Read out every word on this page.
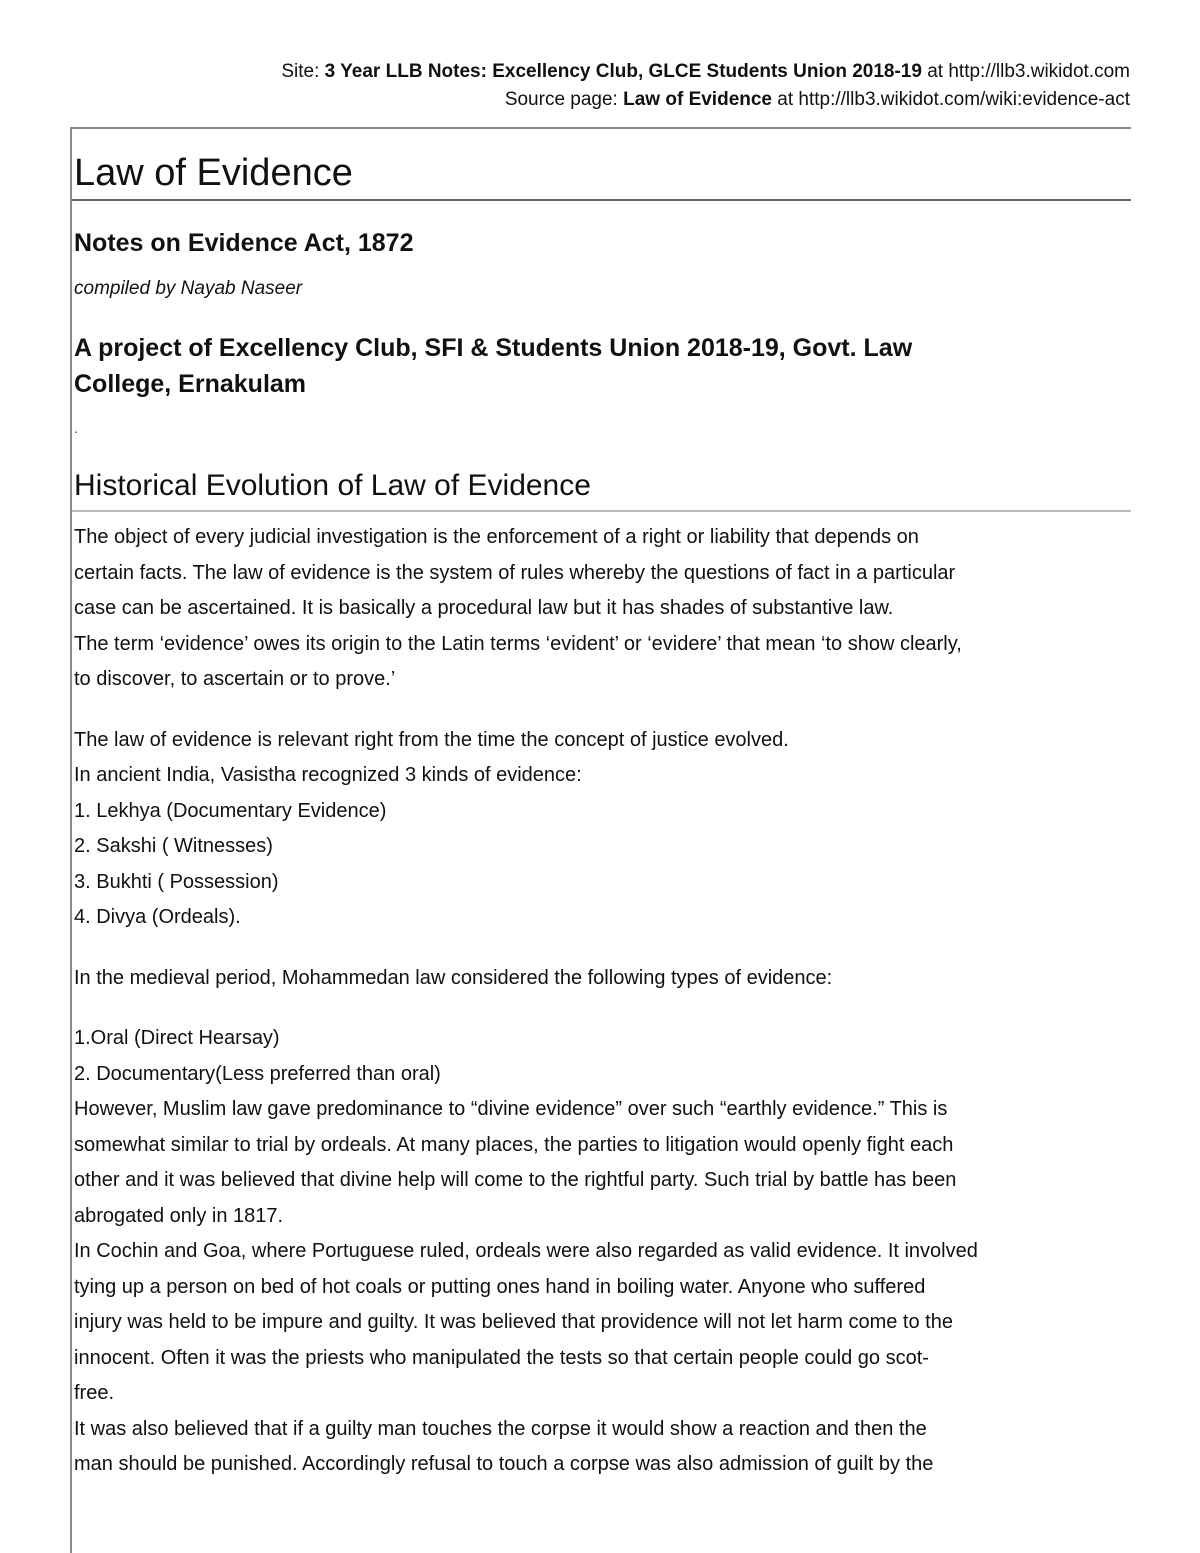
Site: 3 Year LLB Notes: Excellency Club, GLCE Students Union 2018-19 at http://llb3.wikidot.com
Source page: Law of Evidence at http://llb3.wikidot.com/wiki:evidence-act
Law of Evidence
Notes on Evidence Act, 1872

compiled by Nayab Naseer

A project of Excellency Club, SFI & Students Union 2018-19, Govt. Law
College, Ernakulam
.
Historical Evolution of Law of Evidence

The object of every judicial investigation is the enforcement of a right or liability that depends on
certain facts. The law of evidence is the system of rules whereby the questions of fact in a particular
case can be ascertained. It is basically a procedural law but it has shades of substantive law.
The term ‘evidence’ owes its origin to the Latin terms ‘evident’ or ‘evidere’ that mean ‘to show clearly,
to discover, to ascertain or to prove.’

The law of evidence is relevant right from the time the concept of justice evolved.
In ancient India, Vasistha recognized 3 kinds of evidence:
1. Lekhya (Documentary Evidence)
2. Sakshi ( Witnesses)
3. Bukhti ( Possession)
4. Divya (Ordeals).

In the medieval period, Mohammedan law considered the following types of evidence:

1.Oral (Direct Hearsay)
2. Documentary(Less preferred than oral)
However, Muslim law gave predominance to “divine evidence” over such “earthly evidence.” This is
somewhat similar to trial by ordeals. At many places, the parties to litigation would openly fight each
other and it was believed that divine help will come to the rightful party. Such trial by battle has been
abrogated only in 1817.
In Cochin and Goa, where Portuguese ruled, ordeals were also regarded as valid evidence. It involved
tying up a person on bed of hot coals or putting ones hand in boiling water. Anyone who suffered
injury was held to be impure and guilty. It was believed that providence will not let harm come to the
innocent. Often it was the priests who manipulated the tests so that certain people could go scot-
free.
It was also believed that if a guilty man touches the corpse it would show a reaction and then the
man should be punished. Accordingly refusal to touch a corpse was also admission of guilt by the
